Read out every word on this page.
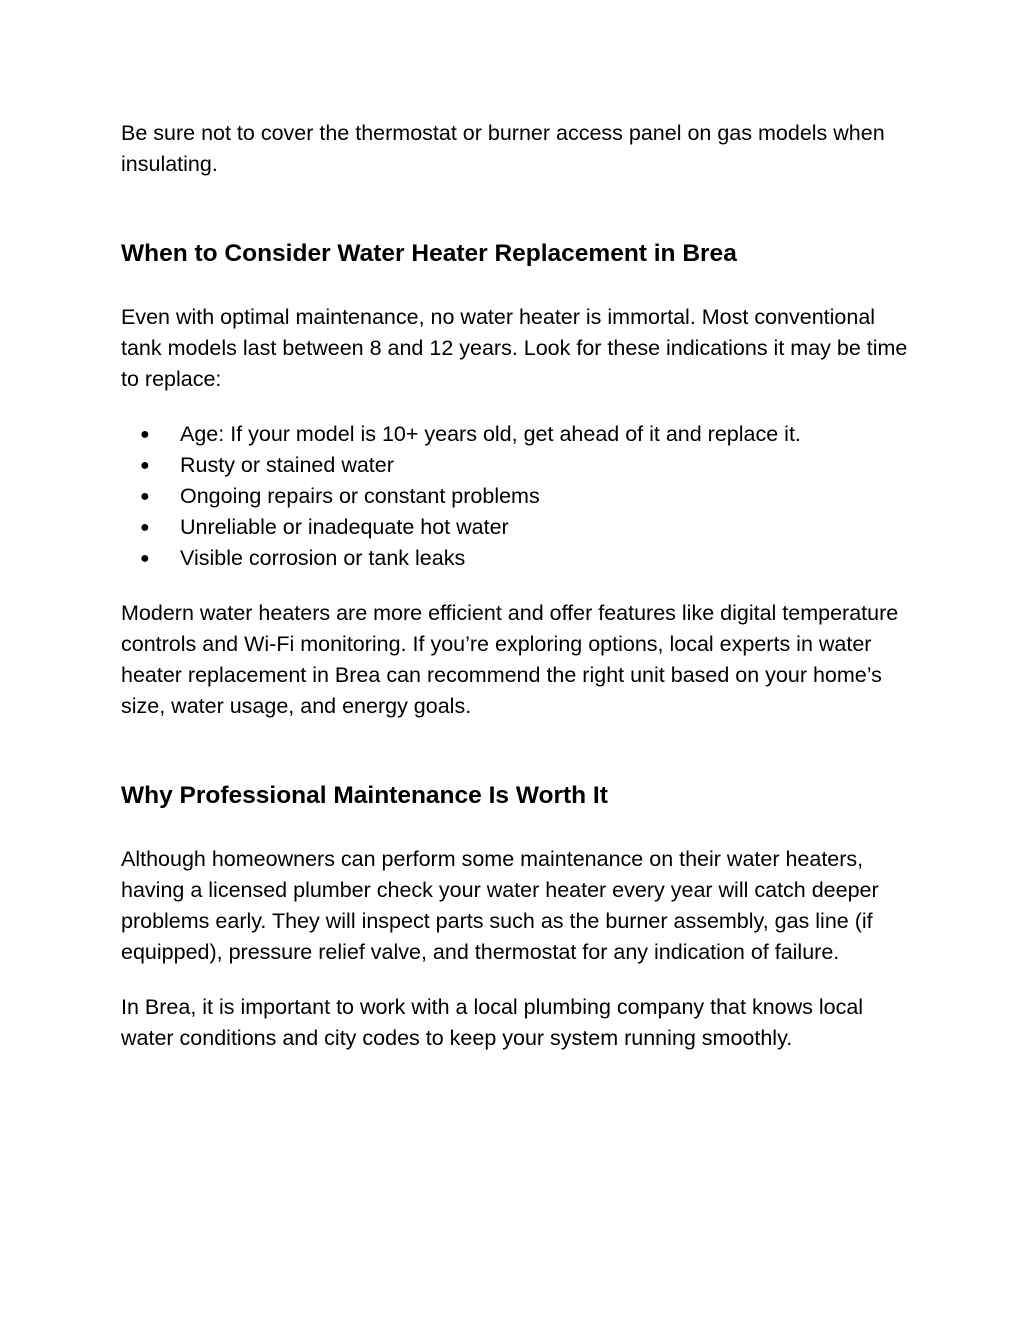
Be sure not to cover the thermostat or burner access panel on gas models when insulating.

When to Consider Water Heater Replacement in Brea

Even with optimal maintenance, no water heater is immortal. Most conventional tank models last between 8 and 12 years. Look for these indications it may be time to replace:

● Age: If your model is 10+ years old, get ahead of it and replace it.
● Rusty or stained water
● Ongoing repairs or constant problems
● Unreliable or inadequate hot water
● Visible corrosion or tank leaks

Modern water heaters are more efficient and offer features like digital temperature controls and Wi-Fi monitoring. If you’re exploring options, local experts in water heater replacement in Brea can recommend the right unit based on your home’s size, water usage, and energy goals.

Why Professional Maintenance Is Worth It

Although homeowners can perform some maintenance on their water heaters, having a licensed plumber check your water heater every year will catch deeper problems early. They will inspect parts such as the burner assembly, gas line (if equipped), pressure relief valve, and thermostat for any indication of failure.

In Brea, it is important to work with a local plumbing company that knows local water conditions and city codes to keep your system running smoothly.
